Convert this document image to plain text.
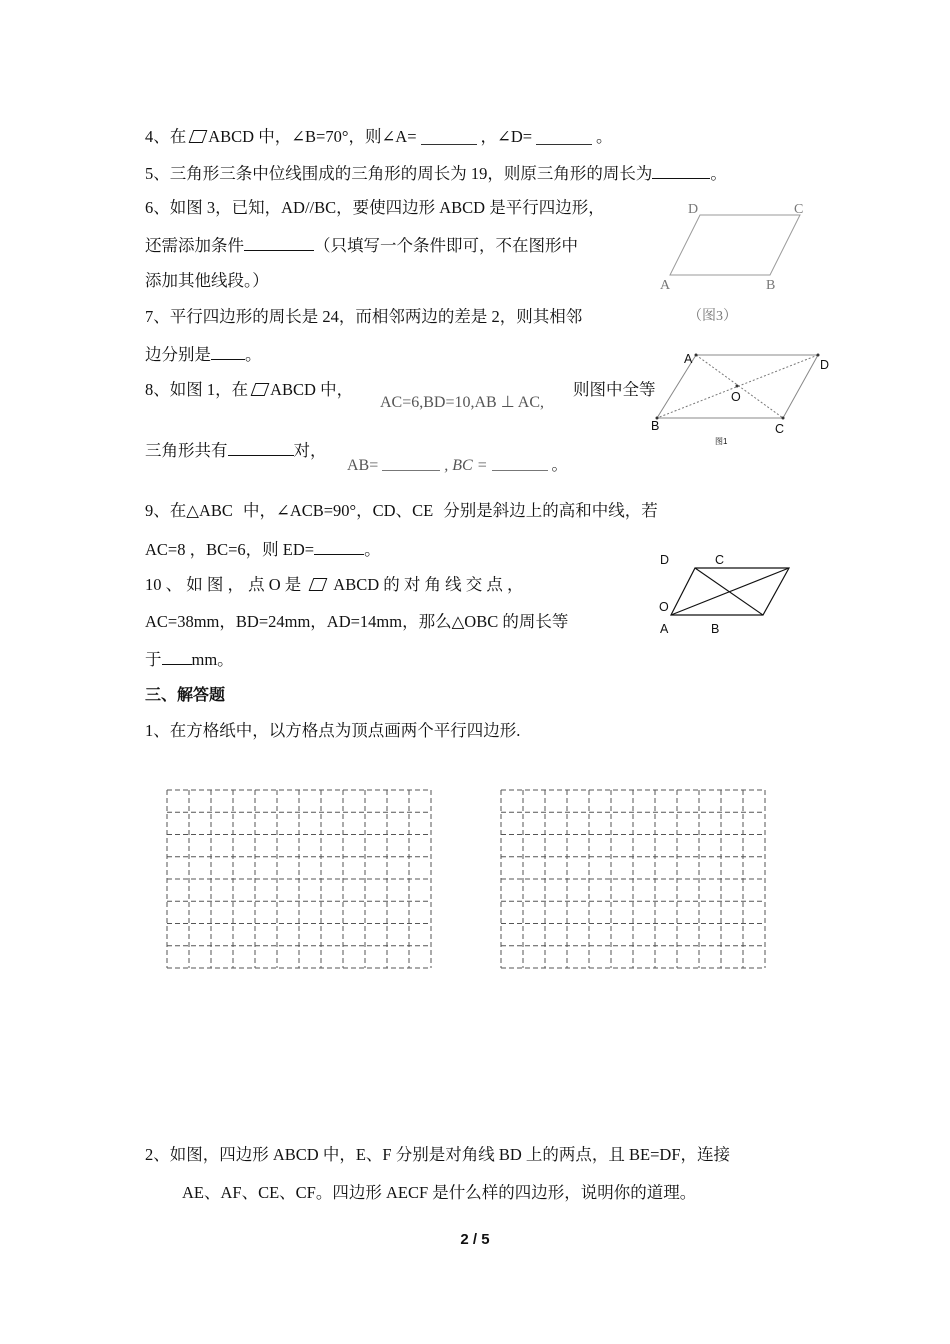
4、在 ABCD 中，∠B=70°，则∠A=	，∠D=	。
5、三角形三条中位线围成的三角形的周长为 19，则原三角形的周长为	。
6、如图 3，已知，AD//BC，要使四边形 ABCD 是平行四边形，
还需添加条件	（只填写一个条件即可，不在图形中
添加其他线段。）
D	C
A	B
（图3）
7、平行四边形的周长是 24，而相邻两边的差是 2，则其相邻
边分别是 。
8、如图 1，在 ABCD 中，
AC=6,BD=10,AB ⊥ AC,
则图中全等
三角形共有	对，
AB=	, BC =	。
A	D
O
B	C
图1
9、在△ABC 中，∠ACB=90°，CD、CE 分别是斜边上的高和中线，若
AC=8 ，BC=6，则 ED=	。
10 、 如 图 ， 点 O 是 ABCD 的 对 角 线 交 点 ，
AC=38mm，BD=24mm，AD=14mm，那么△OBC 的周长等
于 mm。
D	C
O
A	B
三、解答题
1、在方格纸中，以方格点为顶点画两个平行四边形.
2、如图，四边形 ABCD 中，E、F 分别是对角线 BD 上的两点，且 BE=DF，连接
AE、AF、CE、CF。四边形 AECF 是什么样的四边形，说明你的道理。
2 / 5
